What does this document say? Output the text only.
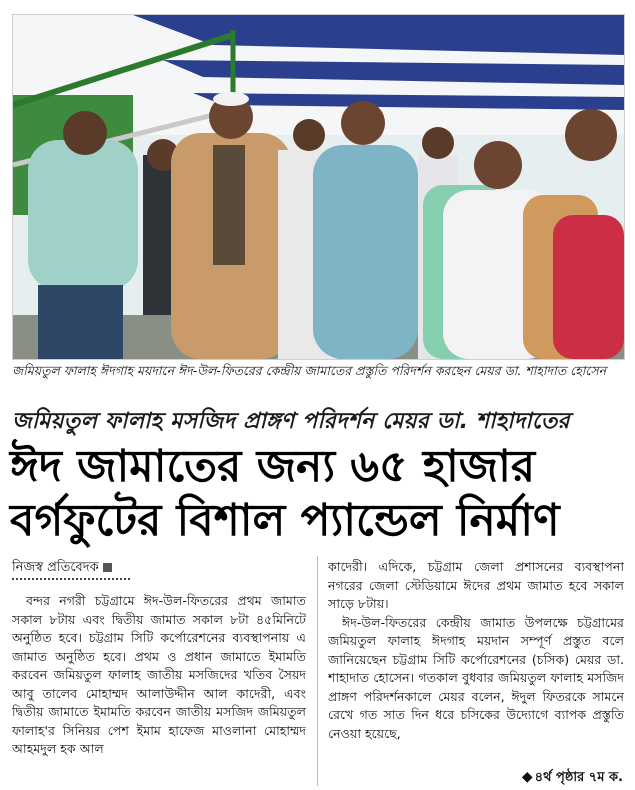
জমিয়তুল ফালাহ ঈদগাহ ময়দানে ঈদ-উল-ফিতরের কেন্দ্রীয় জামাতের প্রস্তুতি পরিদর্শন করছেন মেয়র ডা. শাহাদাত হোসেন
জমিয়তুল ফালাহ মসজিদ প্রাঙ্গণ পরিদর্শন মেয়র ডা. শাহাদাতের
ঈদ জামাতের জন্য ৬৫ হাজার
বর্গফুটের বিশাল প্যান্ডেল নির্মাণ
নিজস্ব প্রতিবেদক
বন্দর নগরী চট্টগ্রামে ঈদ-উল-ফিতরের প্রথম জামাত সকাল ৮টায় এবং দ্বিতীয় জামাত সকাল ৮টা ৪৫মিনিটে অনুষ্ঠিত হবে। চট্টগ্রাম সিটি কর্পোরেশনের ব্যবস্থাপনায় এ জামাত অনুষ্ঠিত হবে। প্রথম ও প্রধান জামাতে ইমামতি করবেন জমিয়তুল ফালাহ জাতীয় মসজিদের খতিব সৈয়দ আবু তালেব মোহাম্মদ আলাউদ্দীন আল কাদেরী, এবং দ্বিতীয় জামাতে ইমামতি করবেন জাতীয় মসজিদ জমিয়তুল ফালাহ'র সিনিয়র পেশ ইমাম হাফেজ মাওলানা মোহাম্মদ আহমদুল হক আল
কাদেরী। এদিকে, চট্টগ্রাম জেলা প্রশাসনের ব্যবস্থাপনা নগরের জেলা স্টেডিয়ামে ঈদের প্রথম জামাত হবে সকাল সাড়ে ৮টায়।
ঈদ-উল-ফিতরের কেন্দ্রীয় জামাত উপলক্ষে চট্টগ্রামের জমিয়তুল ফালাহ ঈদগাহ ময়দান সম্পূর্ণ প্রস্তুত বলে জানিয়েছেন চট্টগ্রাম সিটি কর্পোরেশনের (চসিক) মেয়র ডা. শাহাদাত হোসেন। গতকাল বুধবার জমিয়তুল ফালাহ মসজিদ প্রাঙ্গণ পরিদর্শনকালে মেয়র বলেন, ঈদুল ফিতরকে সামনে রেখে গত সাত দিন ধরে চসিকের উদ্যোগে ব্যাপক প্রস্তুতি নেওয়া হয়েছে,
◆ ৪র্থ পৃষ্ঠার ৭ম ক.
